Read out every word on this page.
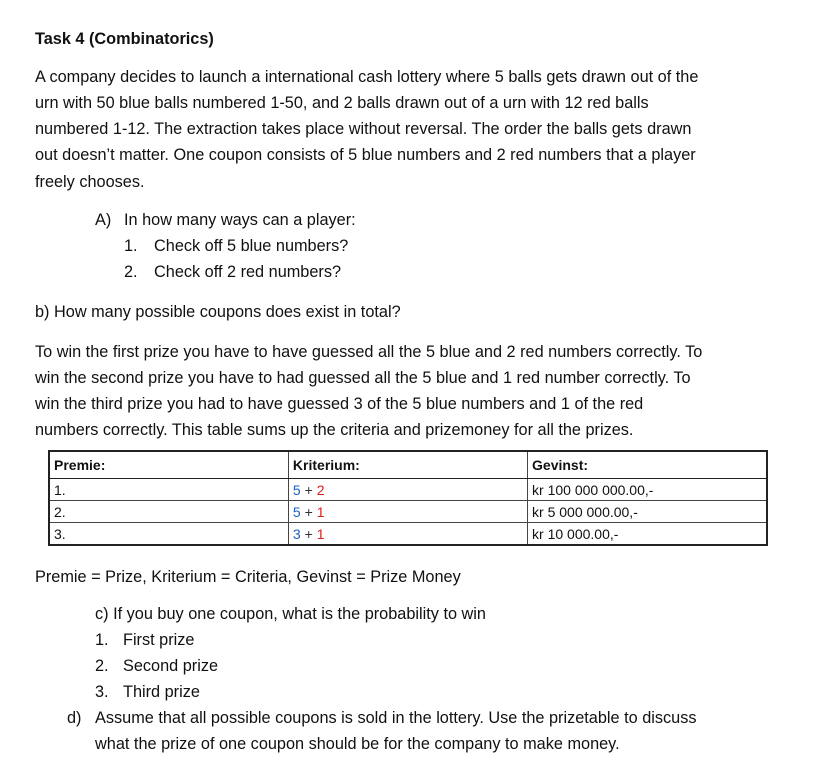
Task 4 (Combinatorics)
A company decides to launch a international cash lottery where 5 balls gets drawn out of the
urn with 50 blue balls numbered 1-50, and 2 balls drawn out of a urn with 12 red balls
numbered 1-12. The extraction takes place without reversal. The order the balls gets drawn
out doesn’t matter. One coupon consists of 5 blue numbers and 2 red numbers that a player
freely chooses.
A) In how many ways can a player:
1. Check off 5 blue numbers?
2. Check off 2 red numbers?
b) How many possible coupons does exist in total?
To win the first prize you have to have guessed all the 5 blue and 2 red numbers correctly. To
win the second prize you have to had guessed all the 5 blue and 1 red number correctly. To
win the third prize you had to have guessed 3 of the 5 blue numbers and 1 of the red
numbers correctly. This table sums up the criteria and prizemoney for all the prizes.
Premie:	Kriterium:	Gevinst:
1.	5 + 2	kr 100 000 000.00,-
2.	5 + 1	kr 5 000 000.00,-
3.	3 + 1	kr 10 000.00,-
Premie = Prize, Kriterium = Criteria, Gevinst = Prize Money
c) If you buy one coupon, what is the probability to win
1. First prize
2. Second prize
3. Third prize
d) Assume that all possible coupons is sold in the lottery. Use the prizetable to discuss
what the prize of one coupon should be for the company to make money.
